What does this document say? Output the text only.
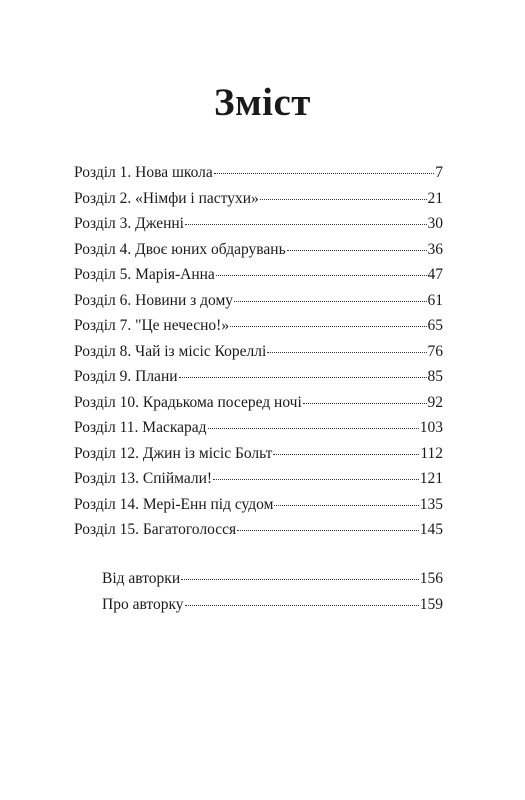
Зміст
Розділ 1. Нова школа	7
Розділ 2. «Німфи і пастухи»	21
Розділ 3. Дженні	30
Розділ 4. Двоє юних обдарувань	36
Розділ 5. Марія-Анна	47
Розділ 6. Новини з дому	61
Розділ 7. "Це нечесно!»	65
Розділ 8. Чай із місіс Кореллі	76
Розділ 9. Плани	85
Розділ 10. Крадькома посеред ночі	92
Розділ 11. Маскарад	103
Розділ 12. Джин із місіс Больт	112
Розділ 13. Спіймали!	121
Розділ 14. Мері-Енн під судом	135
Розділ 15. Багатоголосся	145
Від авторки	156
Про авторку	159
